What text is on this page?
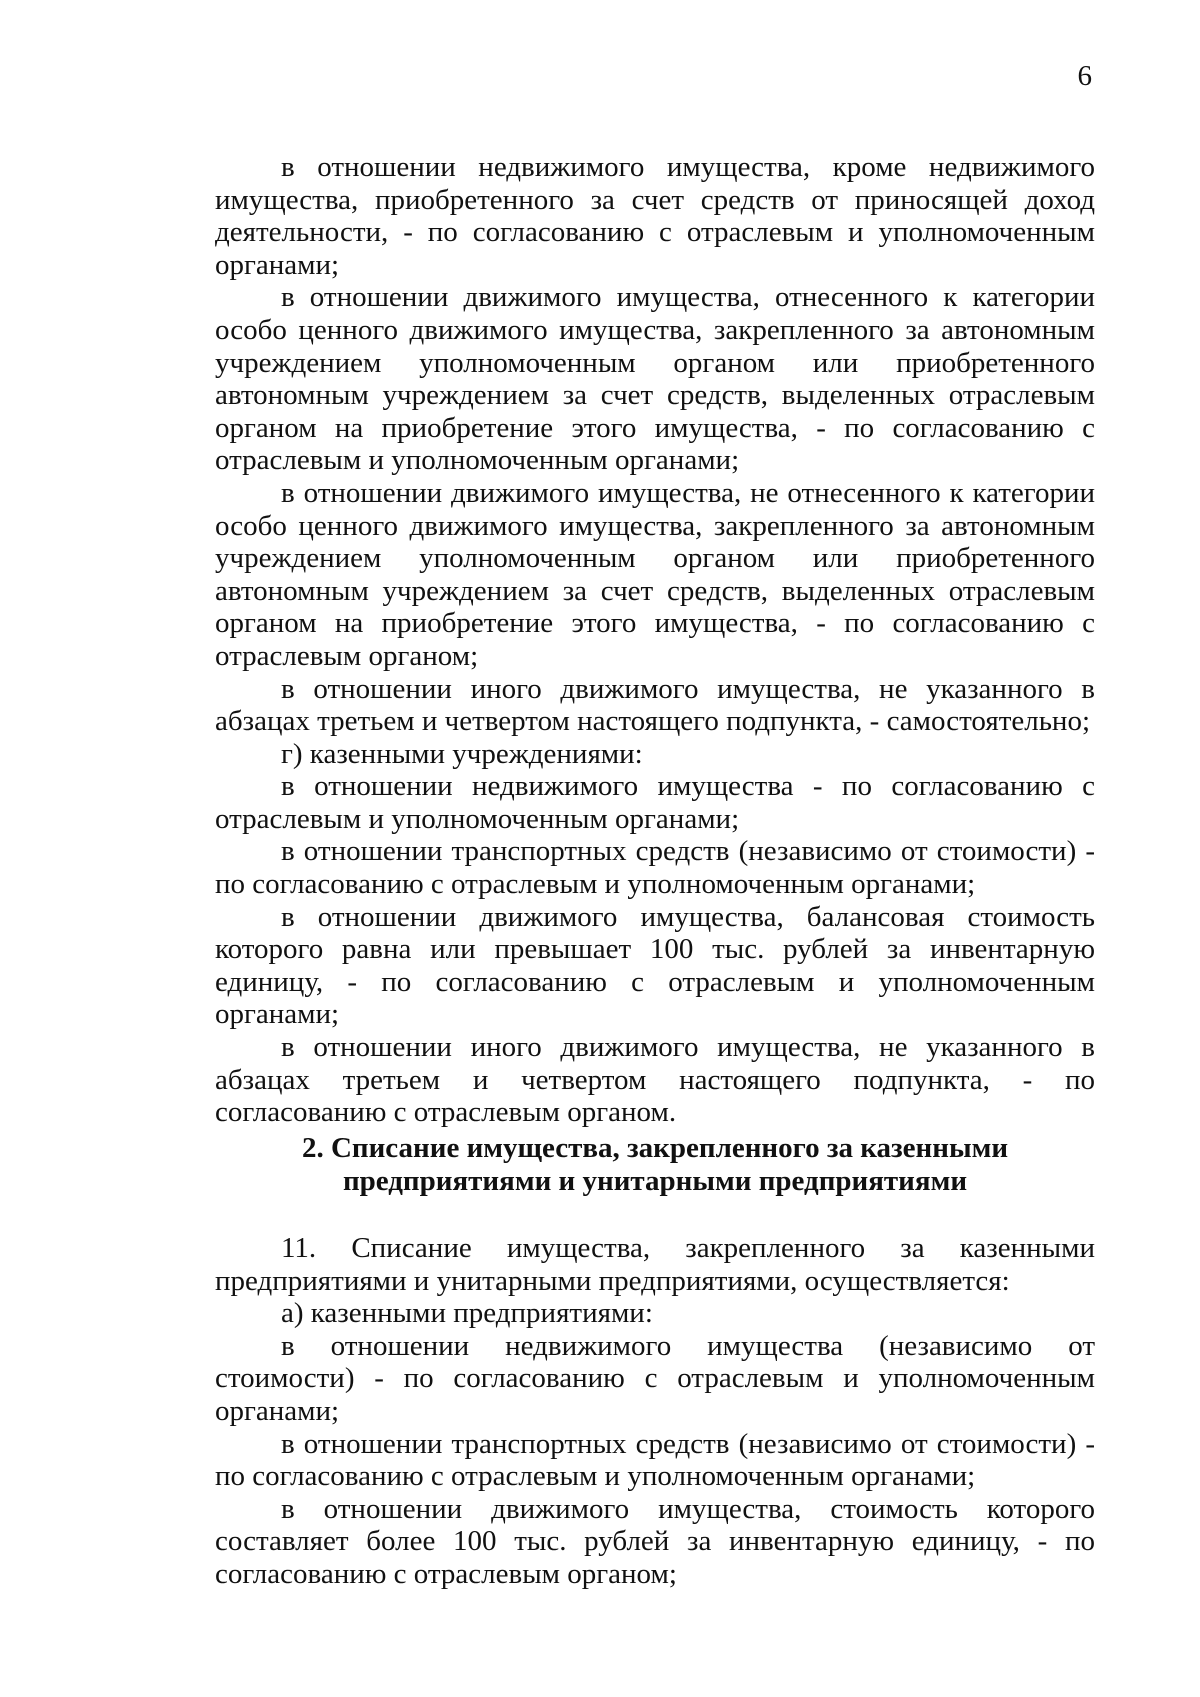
6

в отношении недвижимого имущества, кроме недвижимого имущества, приобретенного за счет средств от приносящей доход деятельности, - по согласованию с отраслевым и уполномоченным органами;

в отношении движимого имущества, отнесенного к категории особо ценного движимого имущества, закрепленного за автономным учреждением уполномоченным органом или приобретенного автономным учреждением за счет средств, выделенных отраслевым органом на приобретение этого имущества, - по согласованию с отраслевым и уполномоченным органами;

в отношении движимого имущества, не отнесенного к категории особо ценного движимого имущества, закрепленного за автономным учреждением уполномоченным органом или приобретенного автономным учреждением за счет средств, выделенных отраслевым органом на приобретение этого имущества, - по согласованию с отраслевым органом;

в отношении иного движимого имущества, не указанного в абзацах третьем и четвертом настоящего подпункта, - самостоятельно;

г) казенными учреждениями:

в отношении недвижимого имущества - по согласованию с отраслевым и уполномоченным органами;

в отношении транспортных средств (независимо от стоимости) - по согласованию с отраслевым и уполномоченным органами;

в отношении движимого имущества, балансовая стоимость которого равна или превышает 100 тыс. рублей за инвентарную единицу, - по согласованию с отраслевым и уполномоченным органами;

в отношении иного движимого имущества, не указанного в абзацах третьем и четвертом настоящего подпункта, - по согласованию с отраслевым органом.

2. Списание имущества, закрепленного за казенными
предприятиями и унитарными предприятиями

11. Списание имущества, закрепленного за казенными предприятиями и унитарными предприятиями, осуществляется:

а) казенными предприятиями:

в отношении недвижимого имущества (независимо от стоимости) - по согласованию с отраслевым и уполномоченным органами;

в отношении транспортных средств (независимо от стоимости) - по согласованию с отраслевым и уполномоченным органами;

в отношении движимого имущества, стоимость которого составляет более 100 тыс. рублей за инвентарную единицу, - по согласованию с отраслевым органом;
